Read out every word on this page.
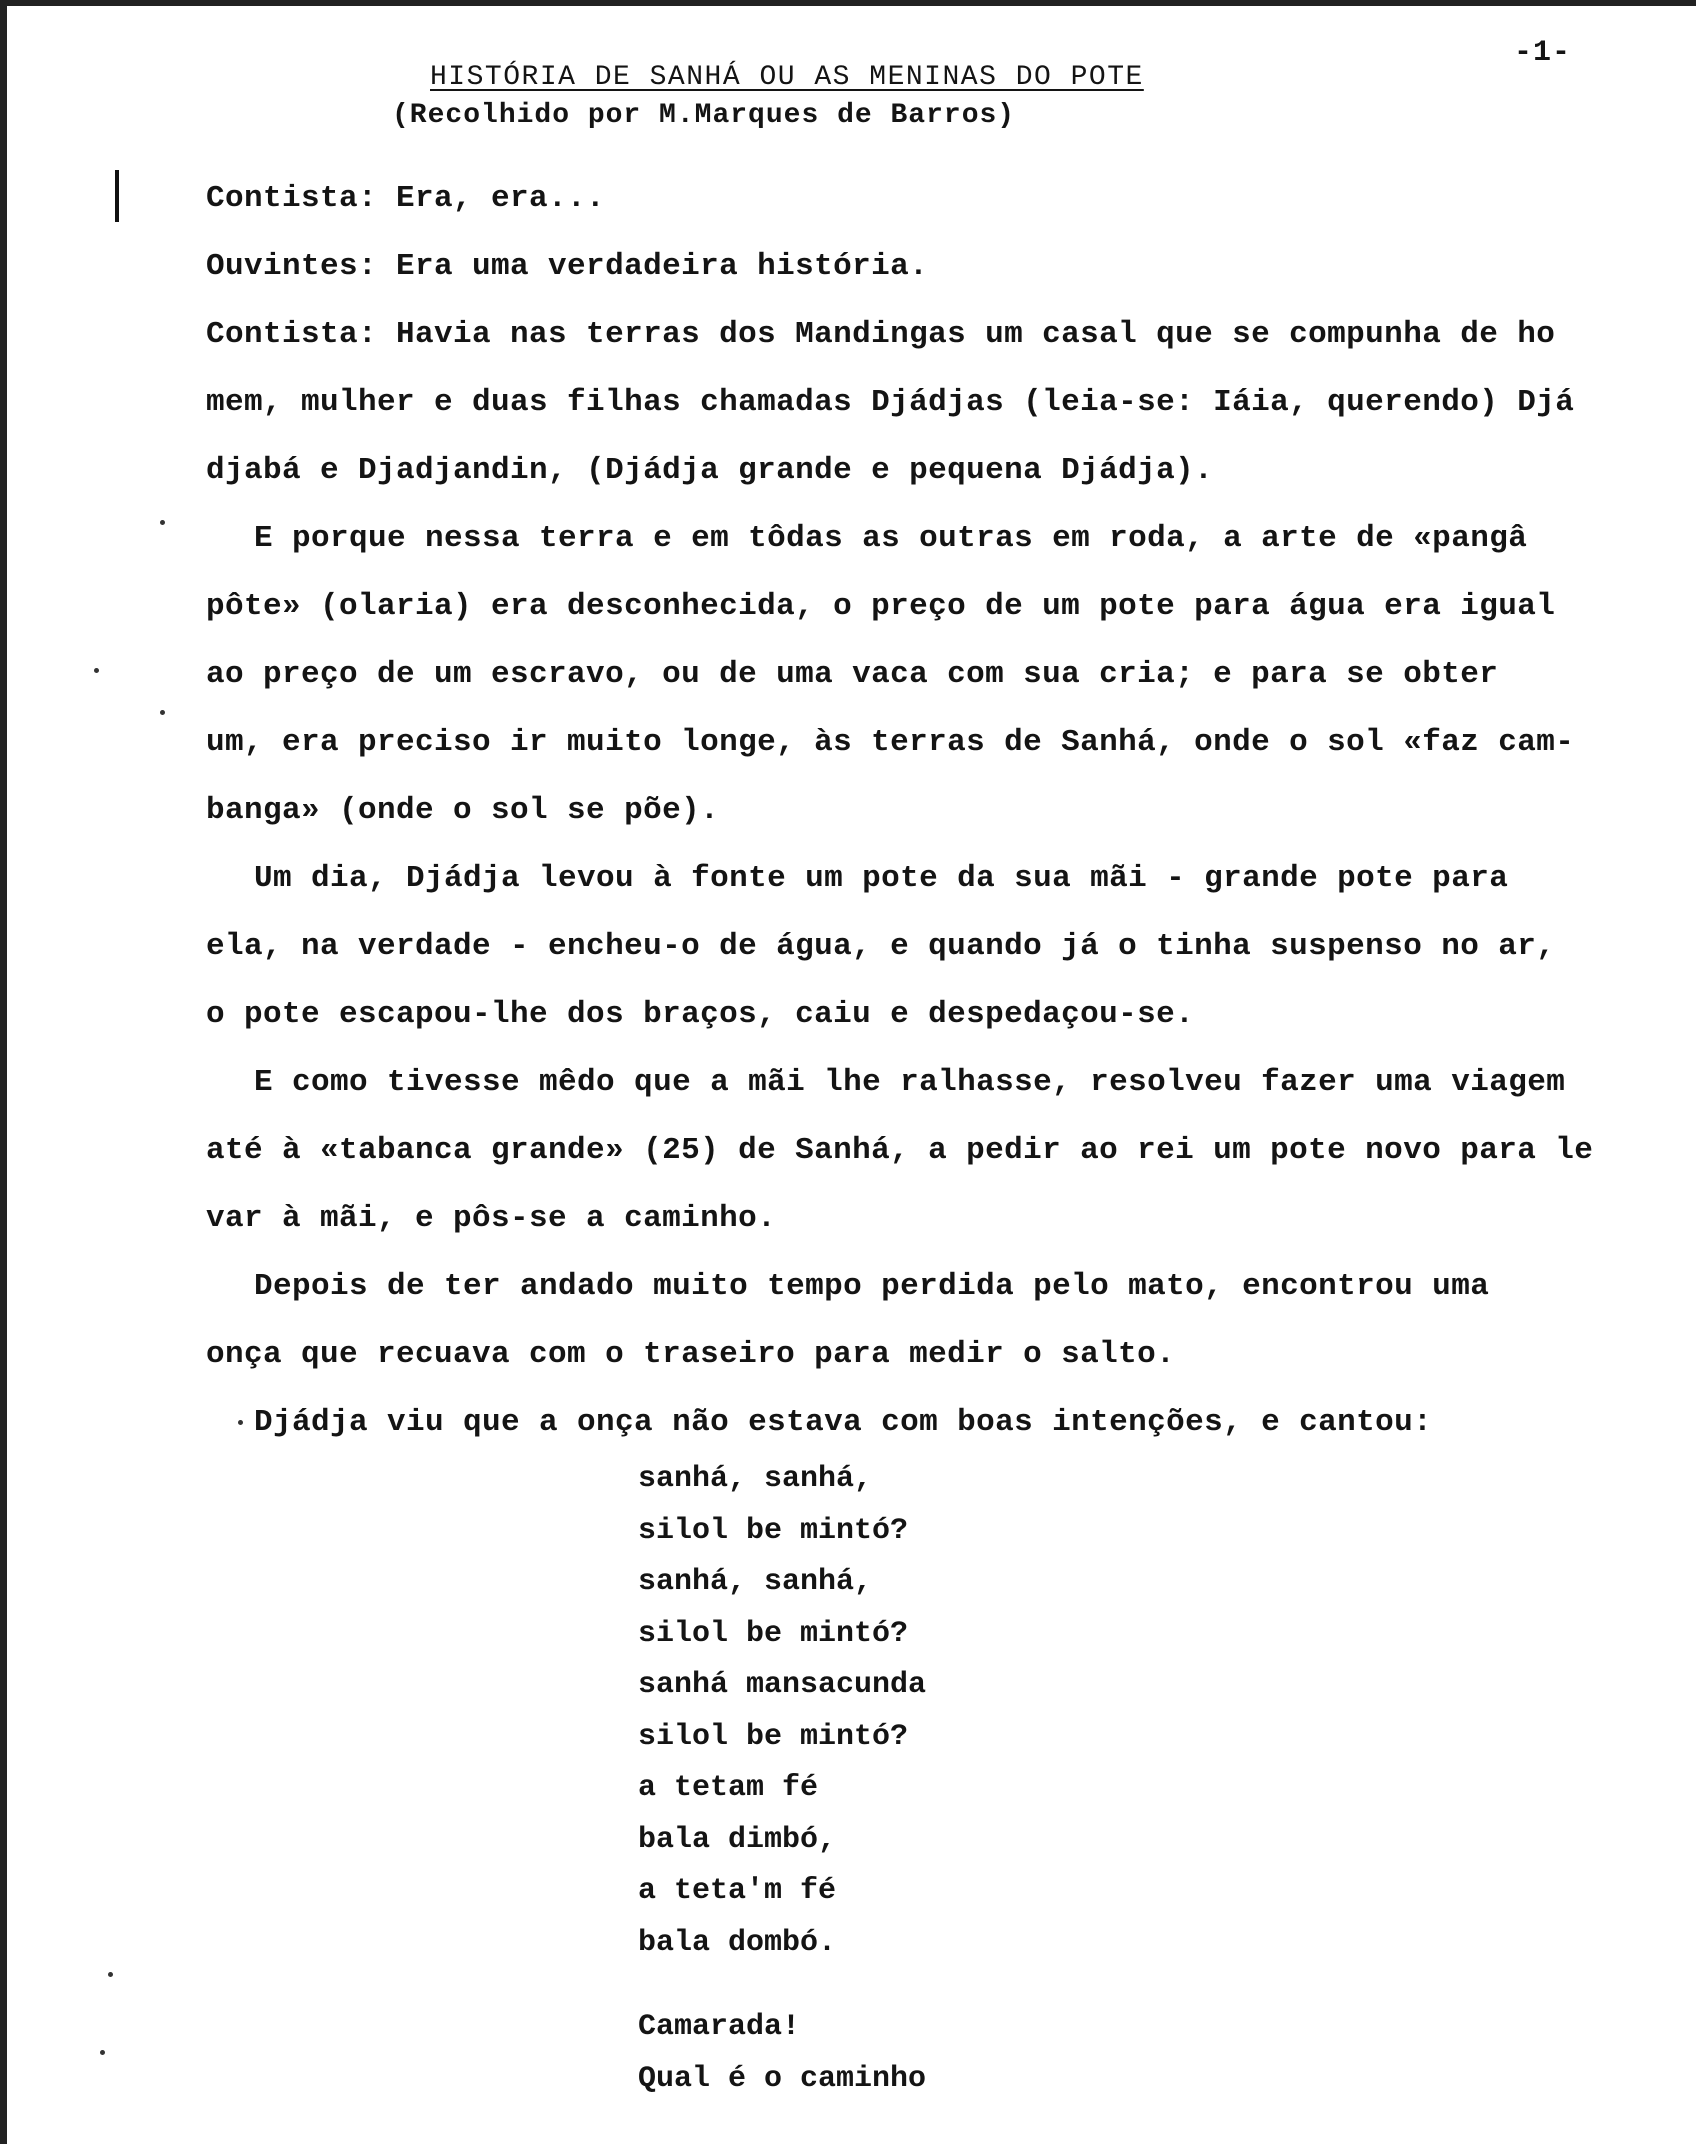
-1-
HISTÓRIA DE SANHÁ OU AS MENINAS DO POTE
(Recolhido por M.Marques de Barros)
Contista: Era, era...
Ouvintes: Era uma verdadeira história.
Contista: Havia nas terras dos Mandingas um casal que se compunha de ho
mem, mulher e duas filhas chamadas Djádjas (leia-se: Iáia, querendo) Djá
djabá e Djadjandin, (Djádja grande e pequena Djádja).
E porque nessa terra e em tôdas as outras em roda, a arte de «pangâ
pôte» (olaria) era desconhecida, o preço de um pote para água era igual
ao preço de um escravo, ou de uma vaca com sua cria; e para se obter
um, era preciso ir muito longe, às terras de Sanhá, onde o sol «faz cam-
banga» (onde o sol se põe).
Um dia, Djádja levou à fonte um pote da sua mãi - grande pote para
ela, na verdade - encheu-o de água, e quando já o tinha suspenso no ar,
o pote escapou-lhe dos braços, caiu e despedaçou-se.
E como tivesse mêdo que a mãi lhe ralhasse, resolveu fazer uma viagem
até à «tabanca grande» (25) de Sanhá, a pedir ao rei um pote novo para le
var à mãi, e pôs-se a caminho.
Depois de ter andado muito tempo perdida pelo mato, encontrou uma
onça que recuava com o traseiro para medir o salto.
Djádja viu que a onça não estava com boas intenções, e cantou:
sanhá, sanhá,
silol be mintó?
sanhá, sanhá,
silol be mintó?
sanhá mansacunda
silol be mintó?
a tetam fé
bala dimbó,
a teta'm fé
bala dombó.
Camarada!
Qual é o caminho
